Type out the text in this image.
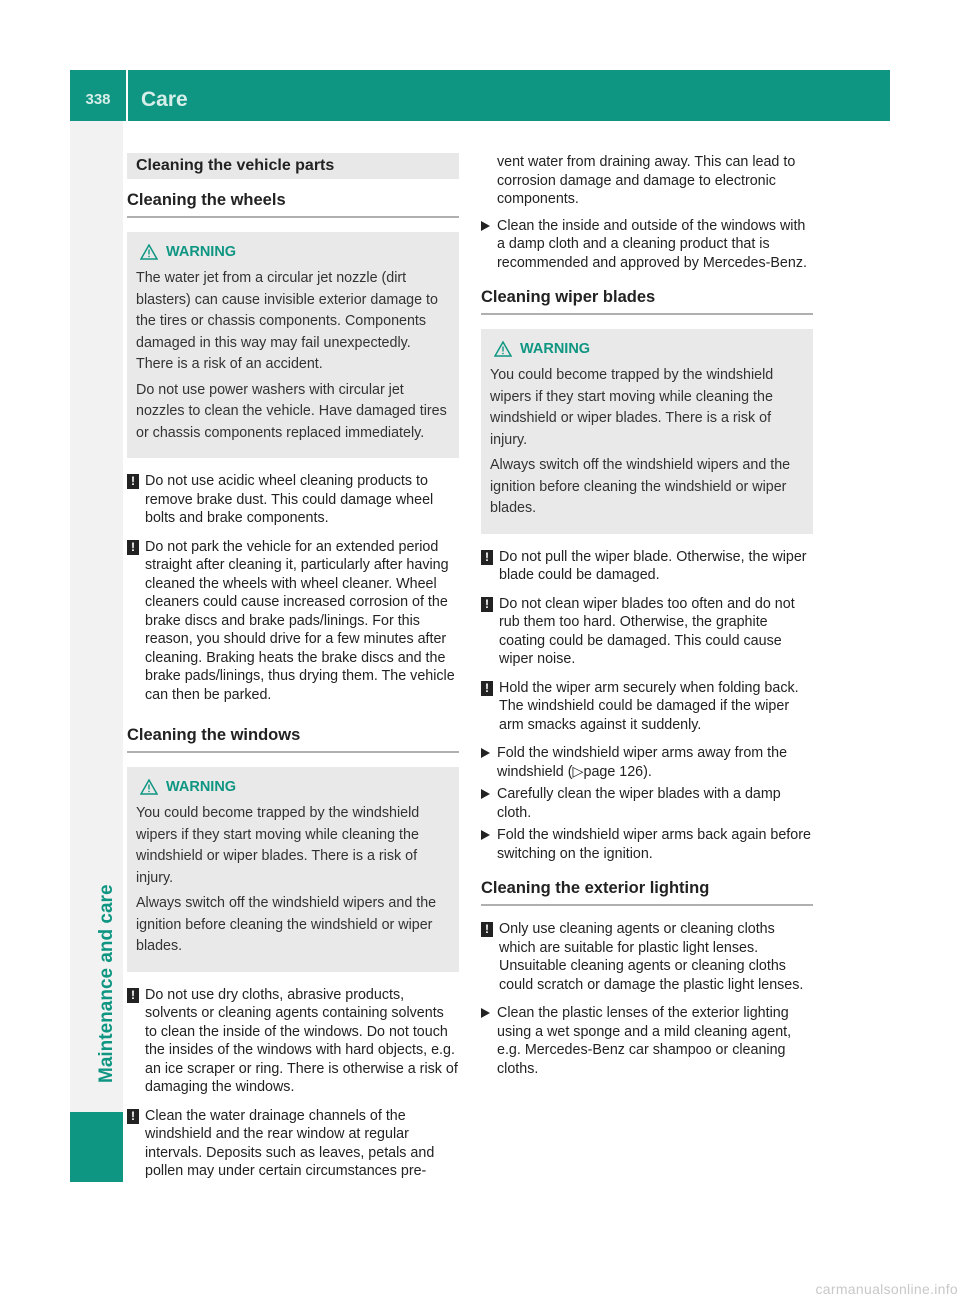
338	Care
Maintenance and care
Cleaning the vehicle parts
Cleaning the wheels
WARNING

The water jet from a circular jet nozzle (dirt blasters) can cause invisible exterior damage to the tires or chassis components. Components damaged in this way may fail unexpectedly. There is a risk of an accident.

Do not use power washers with circular jet nozzles to clean the vehicle. Have damaged tires or chassis components replaced immediately.

! Do not use acidic wheel cleaning products to remove brake dust. This could damage wheel bolts and brake components.
! Do not park the vehicle for an extended period straight after cleaning it, particularly after having cleaned the wheels with wheel cleaner. Wheel cleaners could cause increased corrosion of the brake discs and brake pads/linings. For this reason, you should drive for a few minutes after cleaning. Braking heats the brake discs and the brake pads/linings, thus drying them. The vehicle can then be parked.
Cleaning the windows
WARNING

You could become trapped by the windshield wipers if they start moving while cleaning the windshield or wiper blades. There is a risk of injury.

Always switch off the windshield wipers and the ignition before cleaning the windshield or wiper blades.

! Do not use dry cloths, abrasive products, solvents or cleaning agents containing solvents to clean the inside of the windows. Do not touch the insides of the windows with hard objects, e.g. an ice scraper or ring. There is otherwise a risk of damaging the windows.
! Clean the water drainage channels of the windshield and the rear window at regular intervals. Deposits such as leaves, petals and pollen may under certain circumstances pre-
vent water from draining away. This can lead to corrosion damage and damage to electronic components.
Clean the inside and outside of the windows with a damp cloth and a cleaning product that is recommended and approved by Mercedes-Benz.
Cleaning wiper blades
WARNING

You could become trapped by the windshield wipers if they start moving while cleaning the windshield or wiper blades. There is a risk of injury.

Always switch off the windshield wipers and the ignition before cleaning the windshield or wiper blades.

! Do not pull the wiper blade. Otherwise, the wiper blade could be damaged.
! Do not clean wiper blades too often and do not rub them too hard. Otherwise, the graphite coating could be damaged. This could cause wiper noise.
! Hold the wiper arm securely when folding back. The windshield could be damaged if the wiper arm smacks against it suddenly.
Fold the windshield wiper arms away from the windshield (▷page 126).
Carefully clean the wiper blades with a damp cloth.
Fold the windshield wiper arms back again before switching on the ignition.
Cleaning the exterior lighting
! Only use cleaning agents or cleaning cloths which are suitable for plastic light lenses. Unsuitable cleaning agents or cleaning cloths could scratch or damage the plastic light lenses.
Clean the plastic lenses of the exterior lighting using a wet sponge and a mild cleaning agent, e.g. Mercedes-Benz car shampoo or cleaning cloths.
carmanualsonline.info
